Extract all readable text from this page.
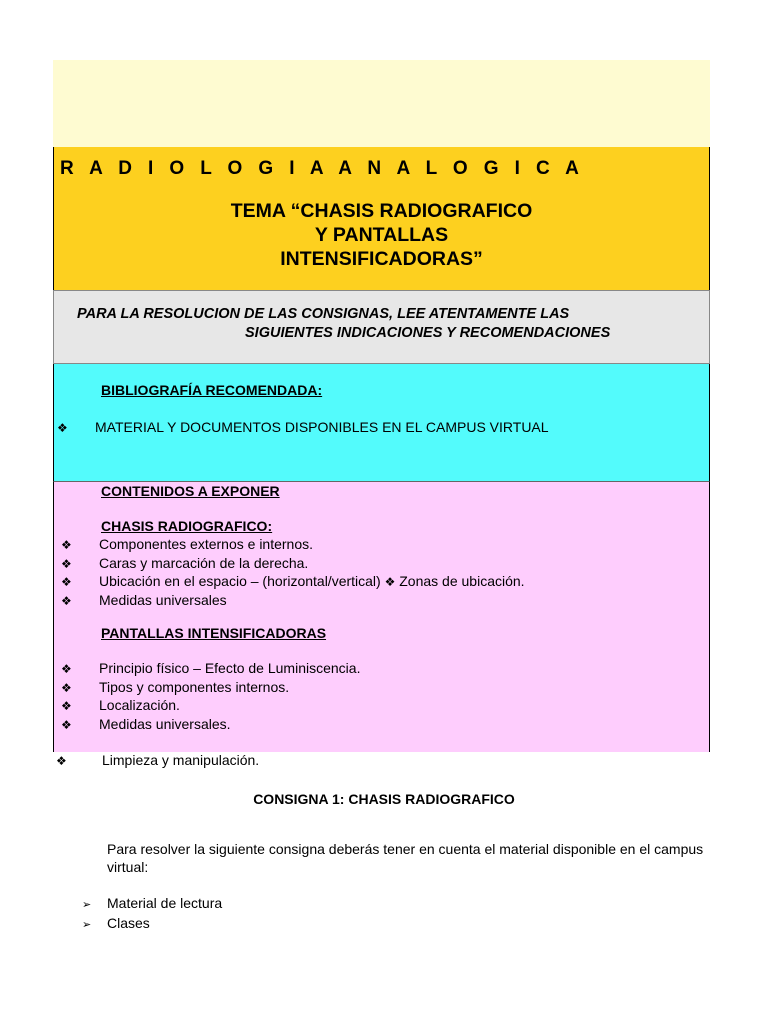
R A D I O L O G I A A N A L O G I C A
TEMA “CHASIS RADIOGRAFICO
Y PANTALLAS
INTENSIFICADORAS”
PARA LA RESOLUCION DE LAS CONSIGNAS, LEE ATENTAMENTE LAS
SIGUIENTES INDICACIONES Y RECOMENDACIONES
BIBLIOGRAFÍA RECOMENDADA:
❖ MATERIAL Y DOCUMENTOS DISPONIBLES EN EL CAMPUS VIRTUAL
CONTENIDOS A EXPONER
CHASIS RADIOGRAFICO:
❖ Componentes externos e internos.
❖ Caras y marcación de la derecha.
❖ Ubicación en el espacio – (horizontal/vertical) ❖ Zonas de ubicación.
❖ Medidas universales
PANTALLAS INTENSIFICADORAS
❖ Principio físico – Efecto de Luminiscencia.
❖ Tipos y componentes internos.
❖ Localización.
❖ Medidas universales.
❖	Limpieza y manipulación.
CONSIGNA 1: CHASIS RADIOGRAFICO
Para resolver la siguiente consigna deberás tener en cuenta el material disponible en el campus virtual:
➢ Material de lectura
➢ Clases
